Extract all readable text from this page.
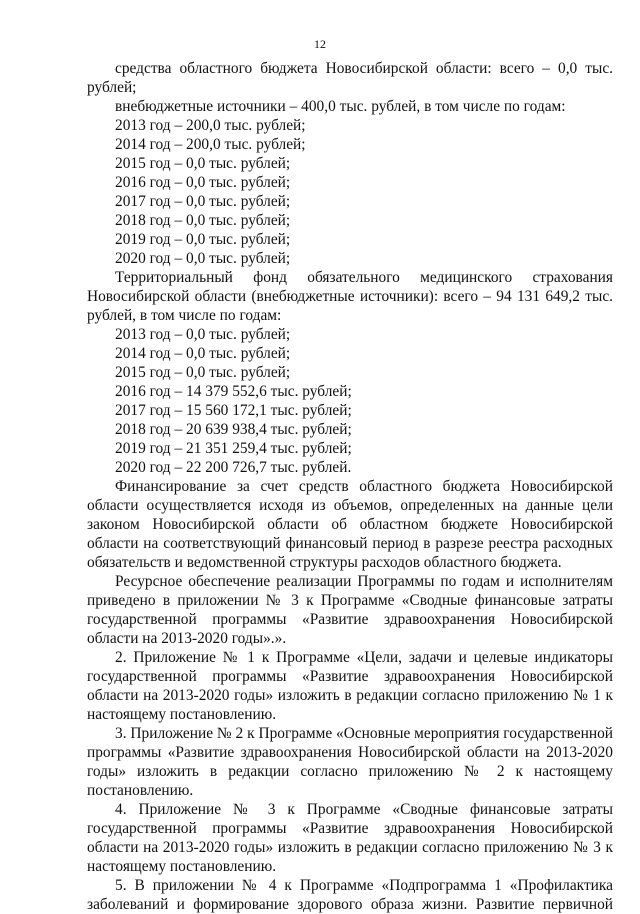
12

средства областного бюджета Новосибирской области: всего – 0,0 тыс. рублей;

внебюджетные источники – 400,0 тыс. рублей, в том числе по годам:

2013 год – 200,0 тыс. рублей;

2014 год – 200,0 тыс. рублей;

2015 год – 0,0 тыс. рублей;

2016 год – 0,0 тыс. рублей;

2017 год – 0,0 тыс. рублей;

2018 год – 0,0 тыс. рублей;

2019 год – 0,0 тыс. рублей;

2020 год – 0,0 тыс. рублей;

Территориальный фонд обязательного медицинского страхования Новосибирской области (внебюджетные источники): всего – 94 131 649,2 тыс. рублей, в том числе по годам:

2013 год – 0,0 тыс. рублей;

2014 год – 0,0 тыс. рублей;

2015 год – 0,0 тыс. рублей;

2016 год – 14 379 552,6 тыс. рублей;

2017 год – 15 560 172,1 тыс. рублей;

2018 год – 20 639 938,4 тыс. рублей;

2019 год – 21 351 259,4 тыс. рублей;

2020 год – 22 200 726,7 тыс. рублей.

Финансирование за счет средств областного бюджета Новосибирской области осуществляется исходя из объемов, определенных на данные цели законом Новосибирской области об областном бюджете Новосибирской области на соответствующий финансовый период в разрезе реестра расходных обязательств и ведомственной структуры расходов областного бюджета.

Ресурсное обеспечение реализации Программы по годам и исполнителям приведено в приложении № 3 к Программе «Сводные финансовые затраты государственной программы «Развитие здравоохранения Новосибирской области на 2013-2020 годы».».

2. Приложение № 1 к Программе «Цели, задачи и целевые индикаторы государственной программы «Развитие здравоохранения Новосибирской области на 2013-2020 годы» изложить в редакции согласно приложению № 1 к настоящему постановлению.

3. Приложение № 2 к Программе «Основные мероприятия государственной программы «Развитие здравоохранения Новосибирской области на 2013-2020 годы» изложить в редакции согласно приложению № 2 к настоящему постановлению.

4. Приложение № 3 к Программе «Сводные финансовые затраты государственной программы «Развитие здравоохранения Новосибирской области на 2013-2020 годы» изложить в редакции согласно приложению № 3 к настоящему постановлению.

5. В приложении № 4 к Программе «Подпрограмма 1 «Профилактика заболеваний и формирование здорового образа жизни. Развитие первичной
